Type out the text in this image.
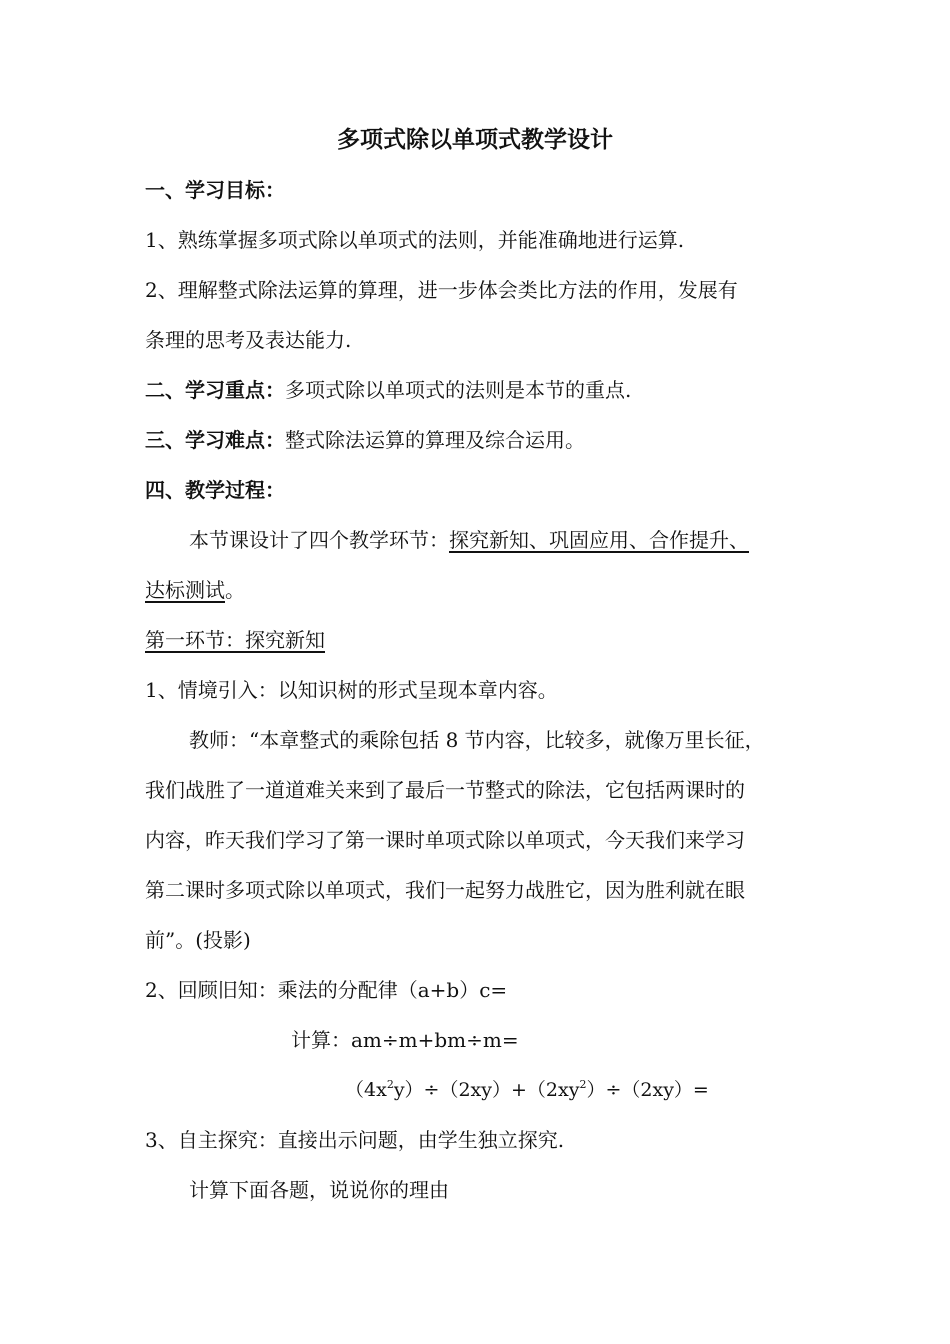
多项式除以单项式教学设计
一、学习目标：
1、熟练掌握多项式除以单项式的法则，并能准确地进行运算.
2、理解整式除法运算的算理，进一步体会类比方法的作用，发展有
条理的思考及表达能力.
二、学习重点：多项式除以单项式的法则是本节的重点.
三、学习难点：整式除法运算的算理及综合运用。
四、教学过程：
本节课设计了四个教学环节：探究新知、巩固应用、合作提升、
达标测试。
第一环节：探究新知
1、情境引入：以知识树的形式呈现本章内容。
教师：“本章整式的乘除包括 8 节内容，比较多，就像万里长征，
我们战胜了一道道难关来到了最后一节整式的除法，它包括两课时的
内容，昨天我们学习了第一课时单项式除以单项式，今天我们来学习
第二课时多项式除以单项式，我们一起努力战胜它，因为胜利就在眼
前”。(投影)
2、回顾旧知：乘法的分配律（a+b）c=
计算：am÷m+bm÷m=
$(4x^2y)\div(2xy)+(2xy^2)\div(2xy)=$
3、自主探究：直接出示问题，由学生独立探究.
计算下面各题，说说你的理由
